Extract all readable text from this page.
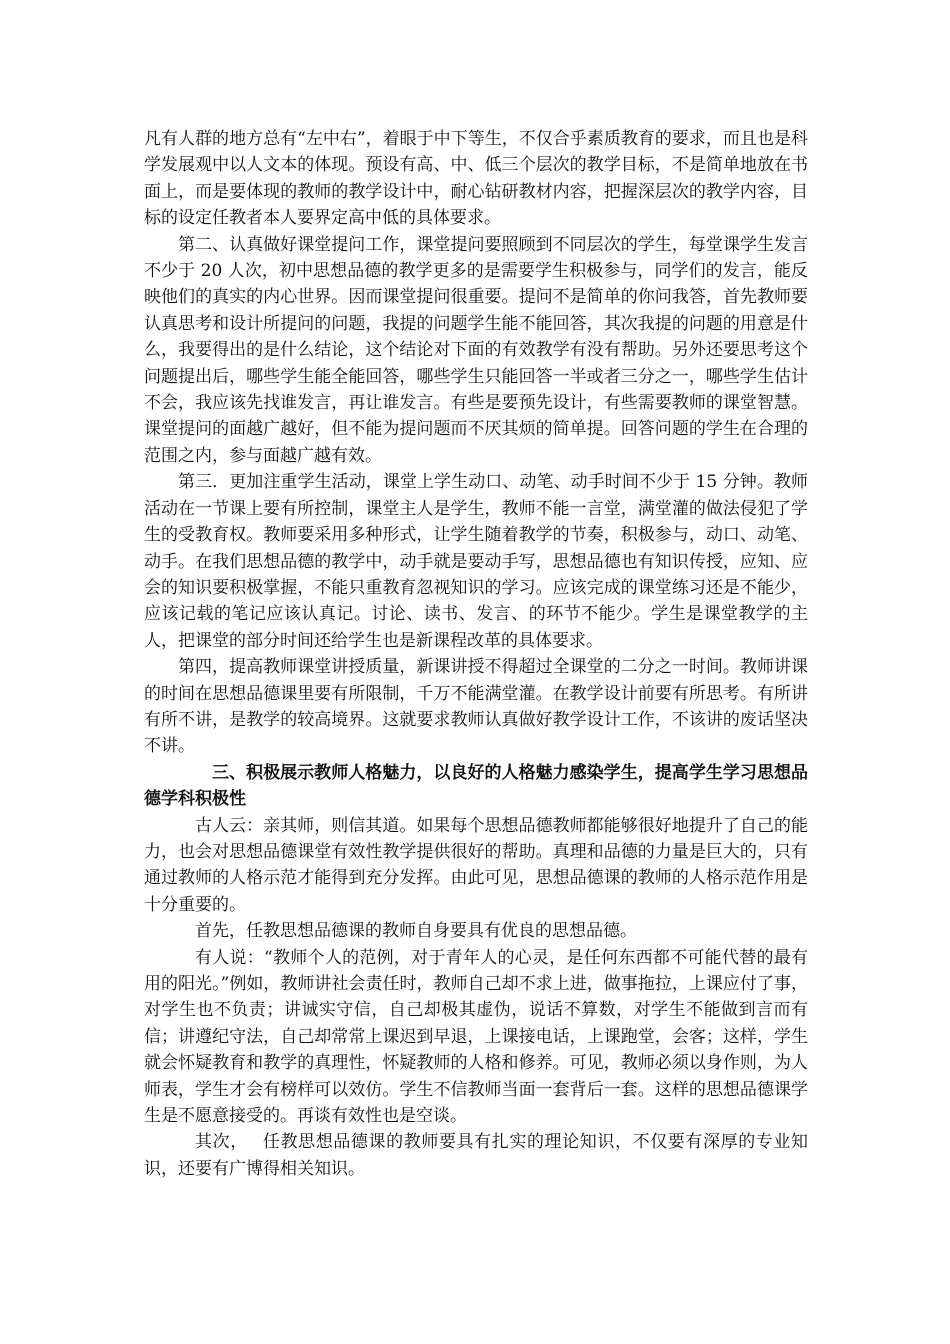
凡有人群的地方总有“左中右”，着眼于中下等生，不仅合乎素质教育的要求，而且也是科学发展观中以人文本的体现。预设有高、中、低三个层次的教学目标，不是简单地放在书面上，而是要体现的教师的教学设计中，耐心钻研教材内容，把握深层次的教学内容，目标的设定任教者本人要界定高中低的具体要求。

第二、认真做好课堂提问工作，课堂提问要照顾到不同层次的学生，每堂课学生发言不少于 20 人次，初中思想品德的教学更多的是需要学生积极参与，同学们的发言，能反映他们的真实的内心世界。因而课堂提问很重要。提问不是简单的你问我答，首先教师要认真思考和设计所提问的问题，我提的问题学生能不能回答，其次我提的问题的用意是什么，我要得出的是什么结论，这个结论对下面的有效教学有没有帮助。另外还要思考这个问题提出后，哪些学生能全能回答，哪些学生只能回答一半或者三分之一，哪些学生估计不会，我应该先找谁发言，再让谁发言。有些是要预先设计，有些需要教师的课堂智慧。课堂提问的面越广越好，但不能为提问题而不厌其烦的简单提。回答问题的学生在合理的范围之内，参与面越广越有效。

第三．更加注重学生活动，课堂上学生动口、动笔、动手时间不少于 15 分钟。教师活动在一节课上要有所控制，课堂主人是学生，教师不能一言堂，满堂灌的做法侵犯了学生的受教育权。教师要采用多种形式，让学生随着教学的节奏，积极参与，动口、动笔、动手。在我们思想品德的教学中，动手就是要动手写，思想品德也有知识传授，应知、应会的知识要积极掌握，不能只重教育忽视知识的学习。应该完成的课堂练习还是不能少，应该记载的笔记应该认真记。讨论、读书、发言、的环节不能少。学生是课堂教学的主人，把课堂的部分时间还给学生也是新课程改革的具体要求。

第四，提高教师课堂讲授质量，新课讲授不得超过全课堂的二分之一时间。教师讲课的时间在思想品德课里要有所限制，千万不能满堂灌。在教学设计前要有所思考。有所讲有所不讲，是教学的较高境界。这就要求教师认真做好教学设计工作，不该讲的废话坚决不讲。

三、积极展示教师人格魅力，以良好的人格魅力感染学生，提高学生学习思想品德学科积极性

古人云：亲其师，则信其道。如果每个思想品德教师都能够很好地提升了自己的能力，也会对思想品德课堂有效性教学提供很好的帮助。真理和品德的力量是巨大的，只有通过教师的人格示范才能得到充分发挥。由此可见，思想品德课的教师的人格示范作用是十分重要的。

首先，任教思想品德课的教师自身要具有优良的思想品德。

有人说：“教师个人的范例，对于青年人的心灵，是任何东西都不可能代替的最有用的阳光。”例如，教师讲社会责任时，教师自己却不求上进，做事拖拉，上课应付了事，对学生也不负责；讲诚实守信，自己却极其虚伪，说话不算数，对学生不能做到言而有信；讲遵纪守法，自己却常常上课迟到早退，上课接电话，上课跑堂，会客；这样，学生就会怀疑教育和教学的真理性，怀疑教师的人格和修养。可见，教师必须以身作则，为人师表，学生才会有榜样可以效仿。学生不信教师当面一套背后一套。这样的思想品德课学生是不愿意接受的。再谈有效性也是空谈。

其次，　 任教思想品德课的教师要具有扎实的理论知识，不仅要有深厚的专业知识，还要有广博得相关知识。
